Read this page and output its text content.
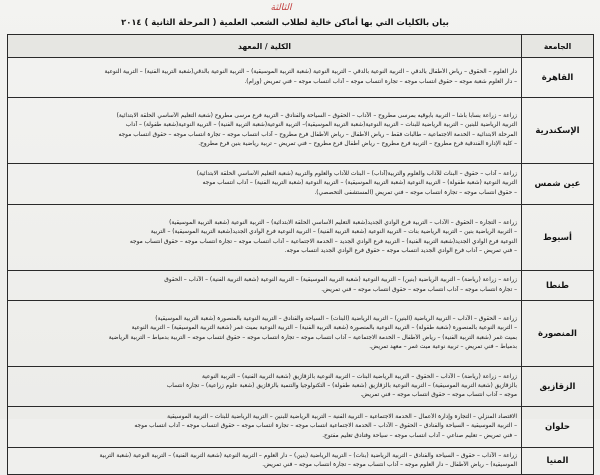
الثالثة
بيان بالكليات التي بها أماكن خالية لطلاب الشعب العلمية ( المرحلة الثانية ) ٢٠١٤
الجامعة	الكلية / المعهد
القاهرة	دار العلوم – الحقوق – رياض الأطفال بالدقي – التربية النوعية بالدقي – التربية النوعية (شعبة التربية الموسيقية) – التربية النوعية بالدقي(شعبة التربية الفنية) – التربية النوعية
– دار العلوم شعبة موجه – حقوق انتساب موجه – تجارة انتساب موجه – آداب انتساب موجه – فني تمريض (ورام).

الإسكندرية	زراعة – زراعة بساباً باشا – التربية بأبوقيه بمرسى مطروح – الآداب – الحقوق – السياحة والفنادق – التربية فرع مرسى مطروح (شعبة التعليم الأساسي الحلقة الابتدائية)
التربية الرياضية للبنين – التربية الرياضية للبنات – التربية النوعية(شعبة التربية الموسيقية)– التربية النوعية(شعبة التربية الفنية) – التربية النوعية(شعبة طفولة) – آداب
المرحلة الابتدائية – الخدمة الاجتماعية – طالبات فقط – رياض الأطفال – رياض الأطفال فرع مطروح – آداب انتساب موجه – تجارة انتساب موجه – حقوق انتساب موجه
– كلية الإدارة الفندقية فرع مطروح – التربية فرع مطروح – رياض أطفال فرع مطروح – فني تمريض – تربية رياضية بنين فرع مطروح.

عين شمس	زراعة – آداب – حقوق – البنات للآداب والعلوم والتربية(آداب) – البنات للآداب والعلوم والتربية (شعبة التعليم الأساسي الحلقة الابتدائية)
التربية النوعية (شعبة طفولة) – التربية النوعية (شعبة التربية الموسيقية) – التربية النوعية (شعبة التربية الفنية) – آداب انتساب موجه
– حقوق انتساب موجه – تجارة انتساب موجه – فني تمريض (المستشفى التخصصي).

أسيوط	زراعة – التجارة – الحقوق – الآداب – التربية فرع الوادي الجديد(شعبة التعليم الأساسي الحلقة الابتدائية) – التربية النوعية (شعبة التربية الموسيقية)
– التربية الرياضية بنين – التربية الرياضية بنات – التربية النوعية (شعبة التربية الفنية) – التربية النوعية فرع الوادي الجديد(شعبة التربية الموسيقية) – التربية
النوعية فرع الوادي الجديد(شعبة التربية الفنية) – التربية فرع الوادي الجديد – الخدمة الاجتماعية – آداب انتساب موجه – تجارة انتساب موجه – حقوق انتساب موجه
– فني تمريض – آداب فرع الوادي الجديد انتساب موجه – حقوق فرع الوادي الجديد انتساب موجه.

طنطا	زراعة – زراعة (رياضة) – التربية الرياضية (بنين) – التربية النوعية (شعبة التربية الموسيقية) – التربية النوعية (شعبة التربية الفنية) – الآداب – الحقوق
– تجارة انتساب موجه – آداب انتساب موجه – حقوق انتساب موجه – فني تمريض.

المنصورة	زراعة – الحقوق – الآداب – التربية الرياضية (البنين) – التربية الرياضية (البنات) – السياحة والفنادق – التربية النوعية بالمنصورة (شعبة التربية الموسيقية)
– التربية النوعية بالمنصورة (شعبة طفولة) – التربية النوعية بالمنصورة (شعبة التربية الفنية) – التربية النوعية بميت غمر (شعبة التربية الموسيقية) – التربية النوعية
بميت غمر (شعبة التربية الفنية) – رياض الأطفال – الخدمة الاجتماعية – آداب انتساب موجه – تجارة انتساب موجه – حقوق انتساب موجه – التربية بدمياط – التربية الرياضية
بدمياط – فني تمريض – تربية نوعية ميت غمر – معهد تمريض.

الزقازيق	زراعة – زراعة (رياضة) – الآداب – الحقوق – التربية الرياضية البنات – التربية النوعية بالزقازيق (شعبة التربية الفنية) – التربية النوعية
بالزقازيق (شعبة التربية الموسيقية) – التربية النوعية بالزقازيق (شعبة طفولة) – التكنولوجيا والتنمية بالزقازيق (شعبة علوم زراعية) – تجارة انتساب
موجه – آداب انتساب موجه – حقوق انتساب موجه – فني تمريض.

حلوان	الاقتصاد المنزلي – التجارة وإدارة الأعمال – الخدمة الاجتماعية – التربية الفنية – التربية الرياضية للبنين – التربية الرياضية للبنات – التربية الموسيقية
– التربية الموسيقية – السياحة والفنادق – الحقوق – الآداب – الخدمة الاجتماعية انتساب موجه – تجارة انتساب موجه – حقوق انتساب موجه – آداب انتساب موجه
– فني تمريض – تعليم صناعي – آداب انتساب موجه – سياحة وفنادق تعليم مفتوح.

المنيا	زراعة – الآداب – حقوق – السياحة والفنادق – التربية الرياضية (بنات) – التربية الرياضية (بنين) – دار العلوم – التربية النوعية (شعبة التربية الفنية) – التربية النوعية (شعبة التربية
الموسيقية) – رياض الأطفال – دار العلوم موجه – آداب انتساب موجه – تجارة انتساب موجه – فني تمريض.
